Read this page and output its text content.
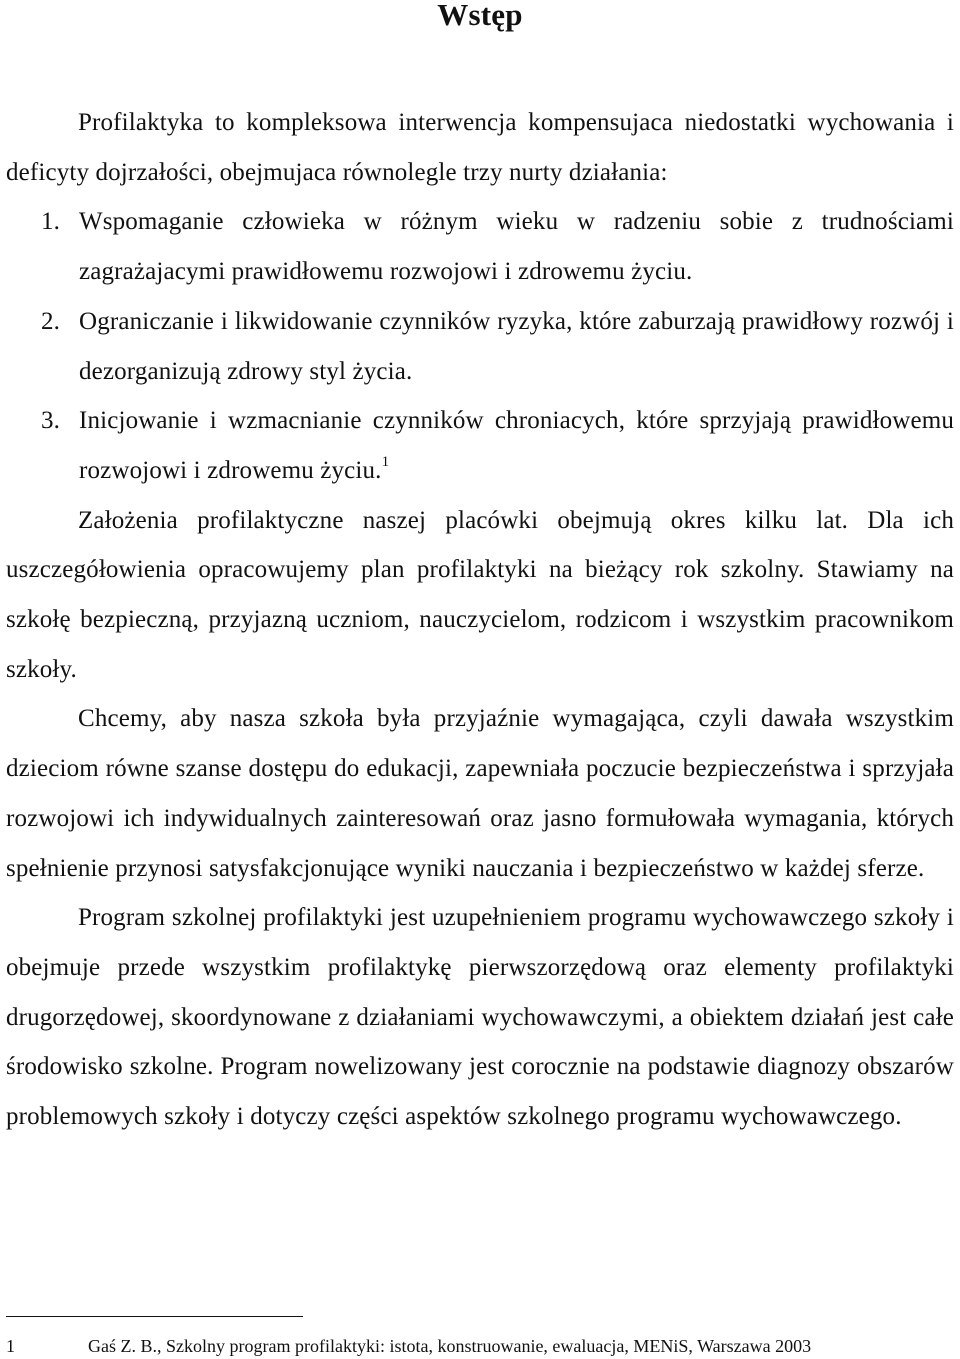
Wstęp

Profilaktyka to kompleksowa interwencja kompensujaca niedostatki wychowania i deficyty dojrzałości, obejmujaca równolegle trzy nurty działania:

1. Wspomaganie człowieka w różnym wieku w radzeniu sobie z trudnościami zagrażajacymi prawidłowemu rozwojowi i zdrowemu życiu.
2. Ograniczanie i likwidowanie czynników ryzyka, które zaburzają prawidłowy rozwój i dezorganizują zdrowy styl życia.
3. Inicjowanie i wzmacnianie czynników chroniacych, które sprzyjają prawidłowemu rozwojowi i zdrowemu życiu.$^1$

Założenia profilaktyczne naszej placówki obejmują okres kilku lat. Dla ich uszczegółowienia opracowujemy plan profilaktyki na bieżący rok szkolny. Stawiamy na szkołę bezpieczną, przyjazną uczniom, nauczycielom, rodzicom i wszystkim pracownikom szkoły.

Chcemy, aby nasza szkoła była przyjaźnie wymagająca, czyli dawała wszystkim dzieciom równe szanse dostępu do edukacji, zapewniała poczucie bezpieczeństwa i sprzyjała rozwojowi ich indywidualnych zainteresowań oraz jasno formułowała wymagania, których spełnienie przynosi satysfakcjonujące wyniki nauczania i bezpieczeństwo w każdej sferze.

Program szkolnej profilaktyki jest uzupełnieniem programu wychowawczego szkoły i obejmuje przede wszystkim profilaktykę pierwszorzędową oraz elementy profilaktyki drugorzędowej, skoordynowane z działaniami wychowawczymi, a obiektem działań jest całe środowisko szkolne. Program nowelizowany jest corocznie na podstawie diagnozy obszarów problemowych szkoły i dotyczy części aspektów szkolnego programu wychowawczego.

1	Gaś Z. B., Szkolny program profilaktyki: istota, konstruowanie, ewaluacja, MENiS, Warszawa 2003
